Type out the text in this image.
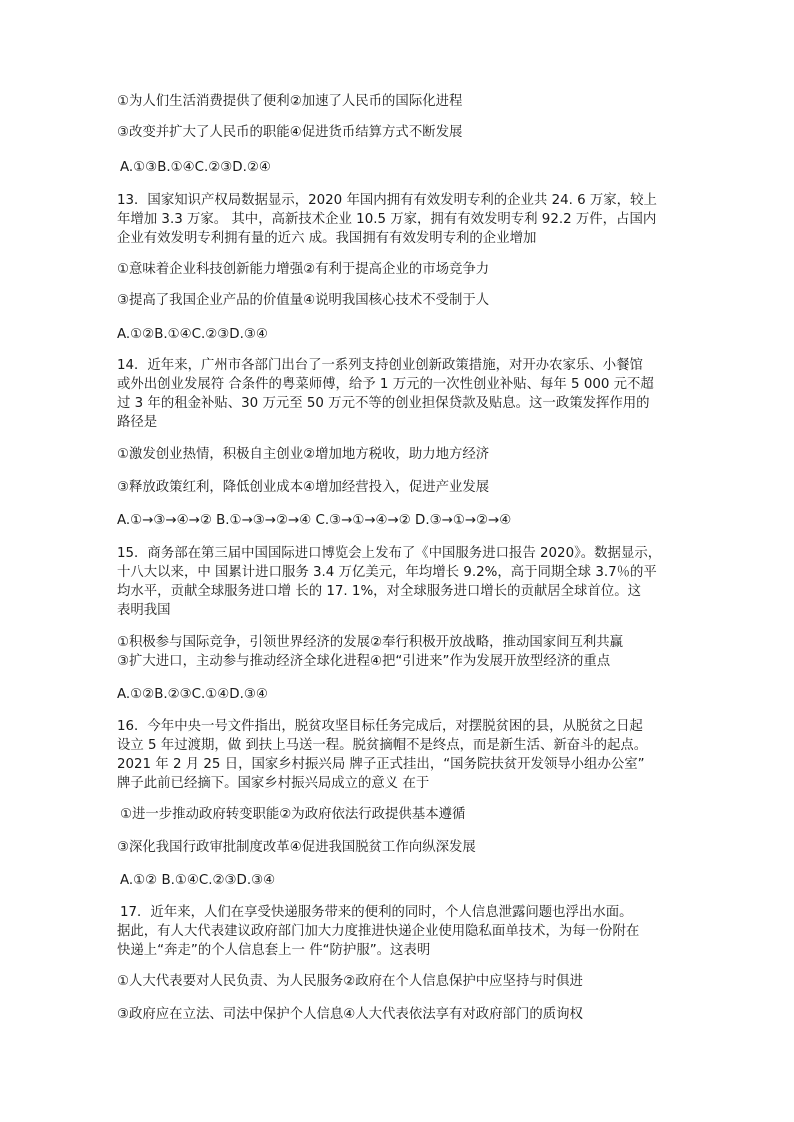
①为人们生活消费提供了便利②加速了人民币的国际化进程
③改变并扩大了人民币的职能④促进货币结算方式不断发展
A.①③B.①④C.②③D.②④
13．国家知识产权局数据显示，2020 年国内拥有有效发明专利的企业共 24. 6 万家，较上
年增加 3.3 万家。 其中，高新技术企业 10.5 万家，拥有有效发明专利 92.2 万件，占国内
企业有效发明专利拥有量的近六 成。我国拥有有效发明专利的企业增加
①意味着企业科技创新能力增强②有利于提高企业的市场竞争力
③提高了我国企业产品的价值量④说明我国核心技术不受制于人
A.①②B.①④C.②③D.③④
14．近年来，广州市各部门出台了一系列支持创业创新政策措施，对开办农家乐、小餐馆
或外出创业发展符 合条件的粤菜师傅，给予 1 万元的一次性创业补贴、每年 5 000 元不超
过 3 年的租金补贴、30 万元至 50 万元不等的创业担保贷款及贴息。这一政策发挥作用的
路径是
①激发创业热情，积极自主创业②增加地方税收，助力地方经济
③释放政策红利，降低创业成本④增加经营投入，促进产业发展
A.①→③→④→② B.①→③→②→④ C.③→①→④→② D.③→①→②→④
15．商务部在第三届中国国际进口博览会上发布了《中国服务进口报告 2020》。数据显示，
十八大以来，中 国累计进口服务 3.4 万亿美元，年均增长 9.2%，高于同期全球 3.7％的平
均水平，贡献全球服务进口增 长的 17. 1%，对全球服务进口增长的贡献居全球首位。这
表明我国
①积极参与国际竞争，引领世界经济的发展②奉行积极开放战略，推动国家间互利共赢
③扩大进口，主动参与推动经济全球化进程④把“引进来”作为发展开放型经济的重点
A.①②B.②③C.①④D.③④
16．今年中央一号文件指出，脱贫攻坚目标任务完成后，对摆脱贫困的县，从脱贫之日起
设立 5 年过渡期，做 到扶上马送一程。脱贫摘帽不是终点，而是新生活、新奋斗的起点。
2021 年 2 月 25 日，国家乡村振兴局 牌子正式挂出，“国务院扶贫开发领导小组办公室”
牌子此前已经摘下。国家乡村振兴局成立的意义 在于
①进一步推动政府转变职能②为政府依法行政提供基本遵循
③深化我国行政审批制度改革④促进我国脱贫工作向纵深发展
A.①② B.①④C.②③D.③④
17．近年来，人们在享受快递服务带来的便利的同时，个人信息泄露问题也浮出水面。
据此，有人大代表建议政府部门加大力度推进快递企业使用隐私面单技术，为每一份附在
快递上“奔走”的个人信息套上一 件“防护服”。这表明
①人大代表要对人民负责、为人民服务②政府在个人信息保护中应坚持与时俱进
③政府应在立法、司法中保护个人信息④人大代表依法享有对政府部门的质询权
